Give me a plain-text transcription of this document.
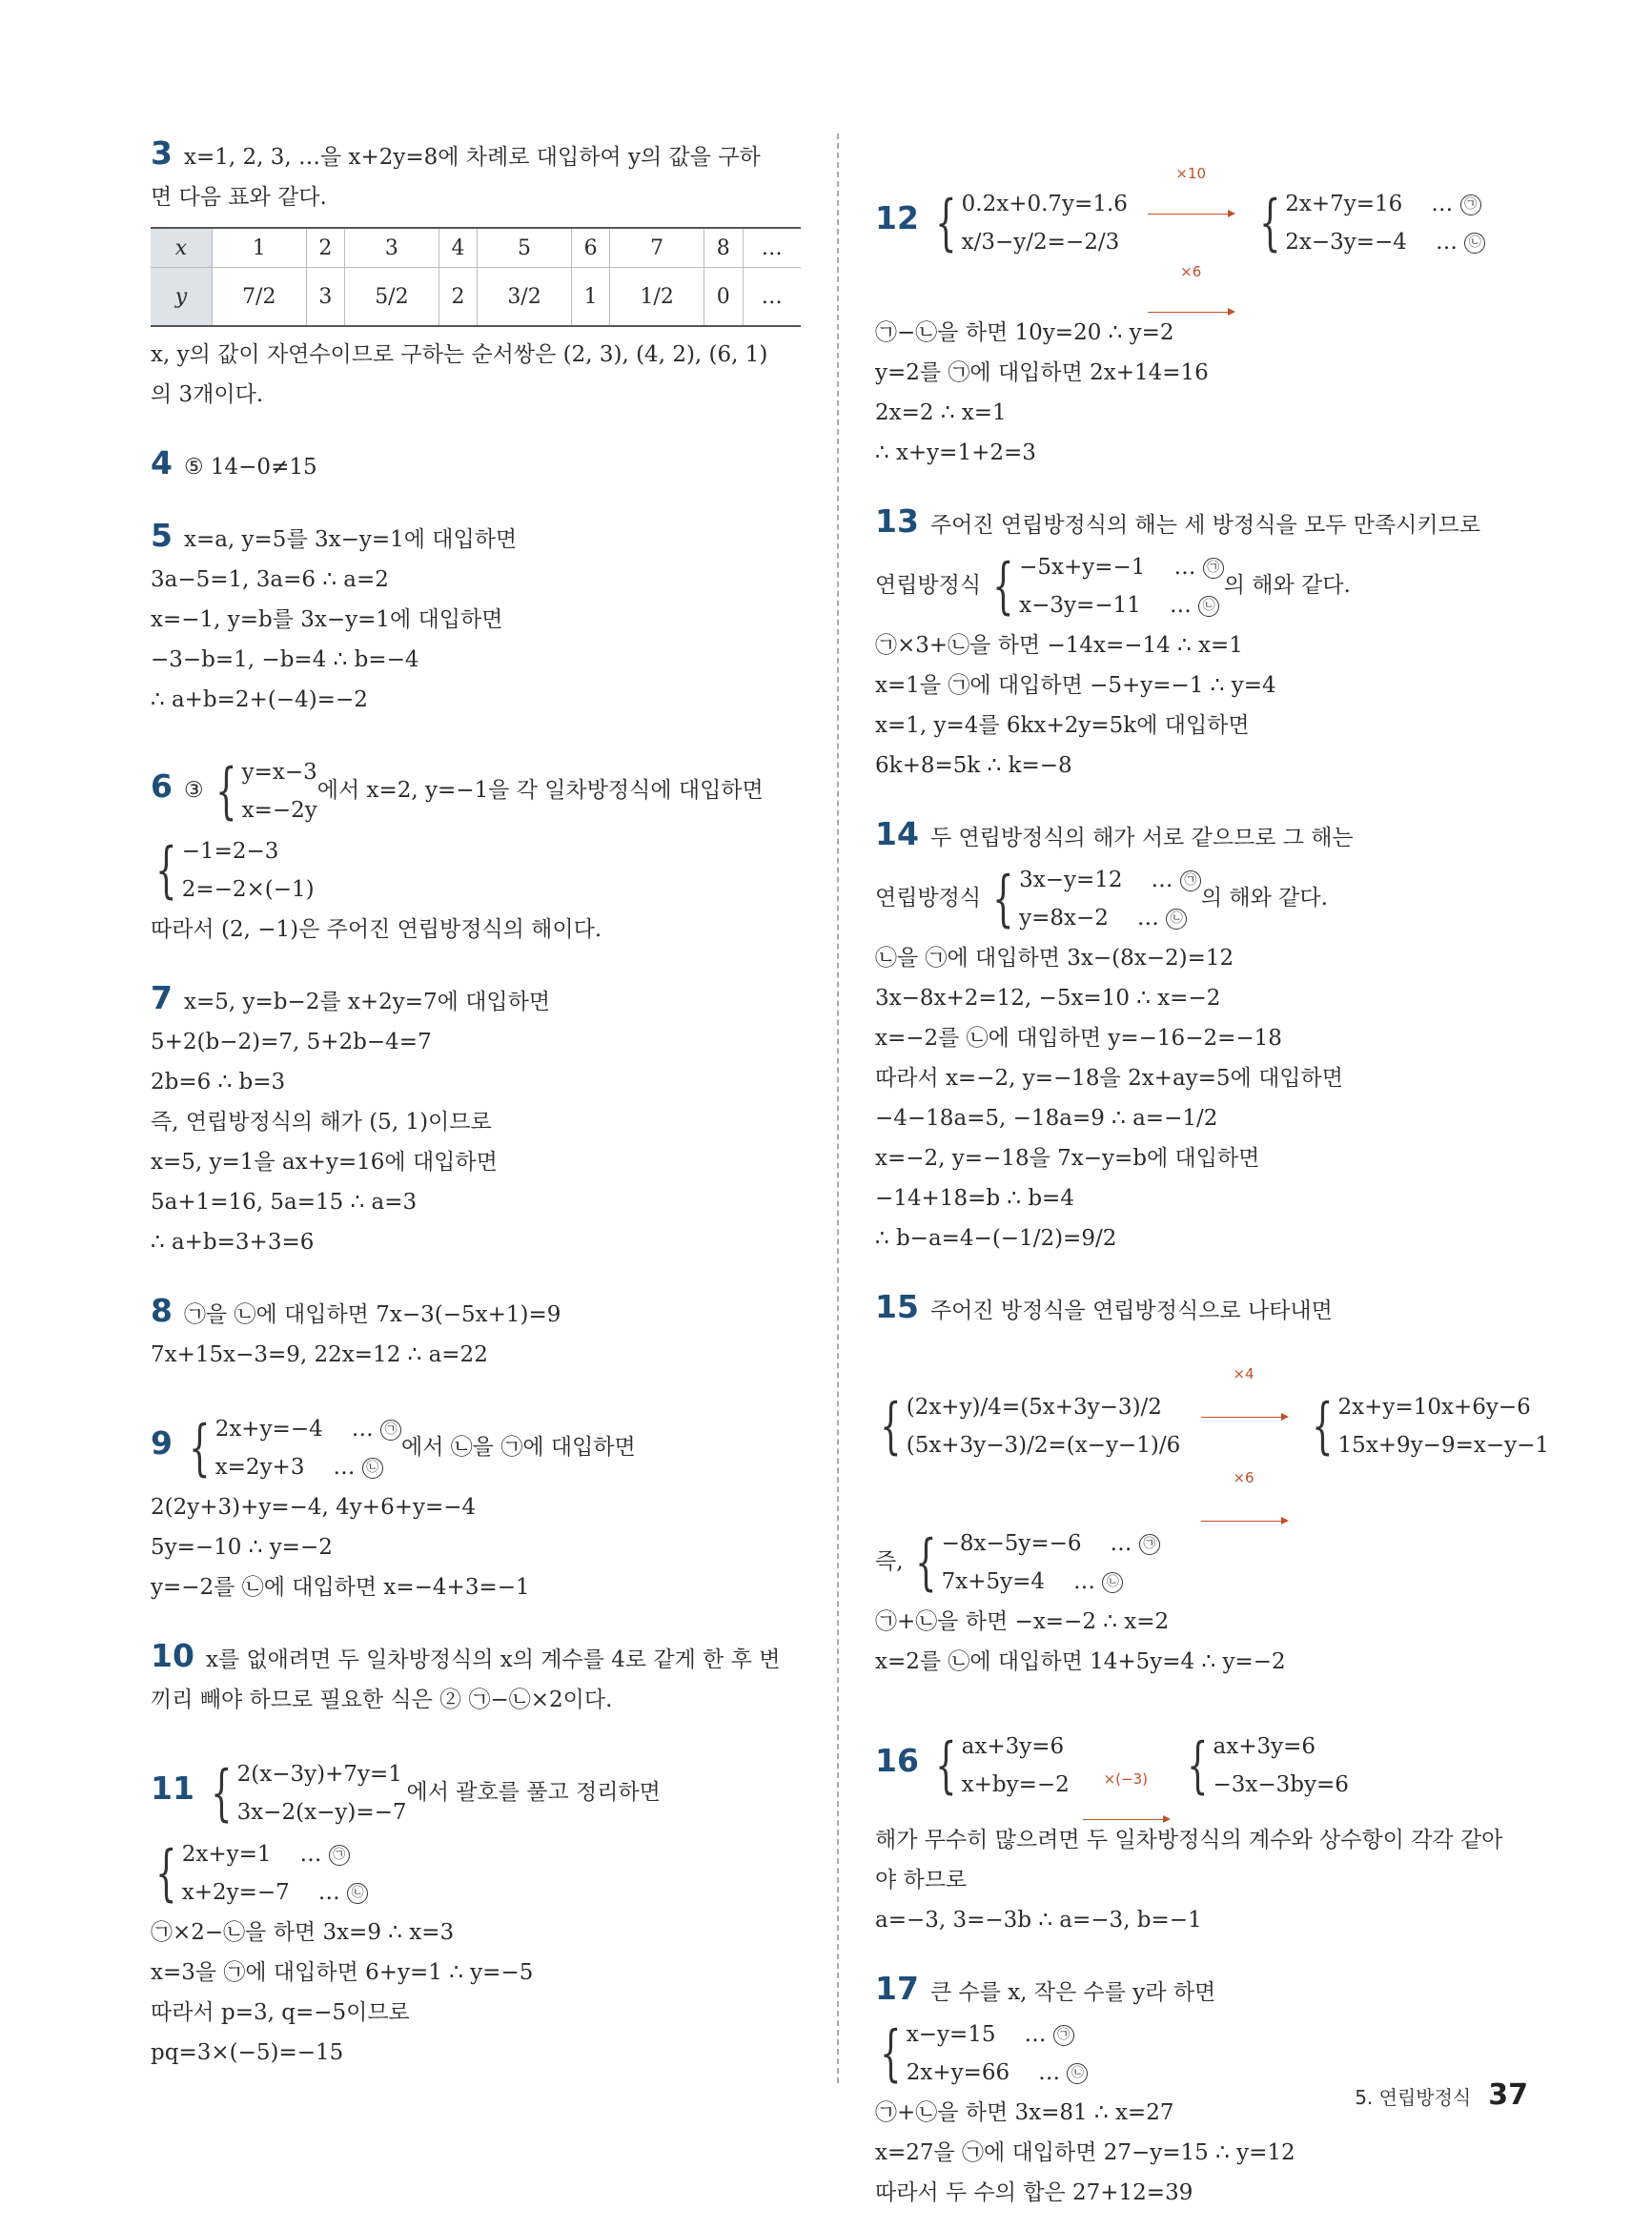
3 x=1, 2, 3, …을 x+2y=8에 차례로 대입하여 y의 값을 구하
면 다음 표와 같다.
x	1	2	3	4	5	6	7	8	…
y	7/2	3	5/2	2	3/2	1	1/2	0	…
x, y의 값이 자연수이므로 구하는 순서쌍은 (2, 3), (4, 2), (6, 1)
의 3개이다.
4 ⑤ 14−0≠15
5 x=a, y=5를 3x−y=1에 대입하면
3a−5=1, 3a=6 ∴ a=2
x=−1, y=b를 3x−y=1에 대입하면
−3−b=1, −b=4 ∴ b=−4
∴ a+b=2+(−4)=−2
6 ③ { y=x−3
x=−2y
에서 x=2, y=−1을 각 일차방정식에 대입하면
{ −1=2−3
2=−2×(−1)
따라서 (2, −1)은 주어진 연립방정식의 해이다.
7 x=5, y=b−2를 x+2y=7에 대입하면
5+2(b−2)=7, 5+2b−4=7
2b=6 ∴ b=3
즉, 연립방정식의 해가 (5, 1)이므로
x=5, y=1을 ax+y=16에 대입하면
5a+1=16, 5a=15 ∴ a=3
∴ a+b=3+3=6
8 ㉠을 ㉡에 대입하면 7x−3(−5x+1)=9
7x+15x−3=9, 22x=12 ∴ a=22
9 { 2x+y=−4 … ㉠
x=2y+3 … ㉡
에서 ㉡을 ㉠에 대입하면
2(2y+3)+y=−4, 4y+6+y=−4
5y=−10 ∴ y=−2
y=−2를 ㉡에 대입하면 x=−4+3=−1
10 x를 없애려면 두 일차방정식의 x의 계수를 4로 같게 한 후 변
끼리 빼야 하므로 필요한 식은 ② ㉠−㉡×2이다.
11 { 2(x−3y)+7y=1
3x−2(x−y)=−7
에서 괄호를 풀고 정리하면
{ 2x+y=1 … ㉠
x+2y=−7 … ㉡
㉠×2−㉡을 하면 3x=9 ∴ x=3
x=3을 ㉠에 대입하면 6+y=1 ∴ y=−5
따라서 p=3, q=−5이므로
pq=3×(−5)=−15
12 { 0.2x+0.7y=1.6
x/3−y/2=−2/3

×10
×6

{ 2x+7y=16 … ㉠
2x−3y=−4 … ㉡
㉠−㉡을 하면 10y=20 ∴ y=2
y=2를 ㉠에 대입하면 2x+14=16
2x=2 ∴ x=1
∴ x+y=1+2=3
13 주어진 연립방정식의 해는 세 방정식을 모두 만족시키므로
연립방정식 { −5x+y=−1 … ㉠
x−3y=−11 … ㉡
의 해와 같다.
㉠×3+㉡을 하면 −14x=−14 ∴ x=1
x=1을 ㉠에 대입하면 −5+y=−1 ∴ y=4
x=1, y=4를 6kx+2y=5k에 대입하면
6k+8=5k ∴ k=−8
14 두 연립방정식의 해가 서로 같으므로 그 해는
연립방정식 { 3x−y=12 … ㉠
y=8x−2 … ㉡
의 해와 같다.
㉡을 ㉠에 대입하면 3x−(8x−2)=12
3x−8x+2=12, −5x=10 ∴ x=−2
x=−2를 ㉡에 대입하면 y=−16−2=−18
따라서 x=−2, y=−18을 2x+ay=5에 대입하면
−4−18a=5, −18a=9 ∴ a=−1/2
x=−2, y=−18을 7x−y=b에 대입하면
−14+18=b ∴ b=4
∴ b−a=4−(−1/2)=9/2
15 주어진 방정식을 연립방정식으로 나타내면
{ (2x+y)/4=(5x+3y−3)/2
(5x+3y−3)/2=(x−y−1)/6

×4
×6

{ 2x+y=10x+6y−6
15x+9y−9=x−y−1
즉, { −8x−5y=−6 … ㉠
7x+5y=4 … ㉡
㉠+㉡을 하면 −x=−2 ∴ x=2
x=2를 ㉡에 대입하면 14+5y=4 ∴ y=−2
16 { ax+3y=6
x+by=−2 ×(−3) { ax+3y=6
−3x−3by=6
해가 무수히 많으려면 두 일차방정식의 계수와 상수항이 각각 같아
야 하므로
a=−3, 3=−3b ∴ a=−3, b=−1
17 큰 수를 x, 작은 수를 y라 하면
{ x−y=15 … ㉠
2x+y=66 … ㉡
㉠+㉡을 하면 3x=81 ∴ x=27
x=27을 ㉠에 대입하면 27−y=15 ∴ y=12
따라서 두 수의 합은 27+12=39
5. 연립방정식 37
